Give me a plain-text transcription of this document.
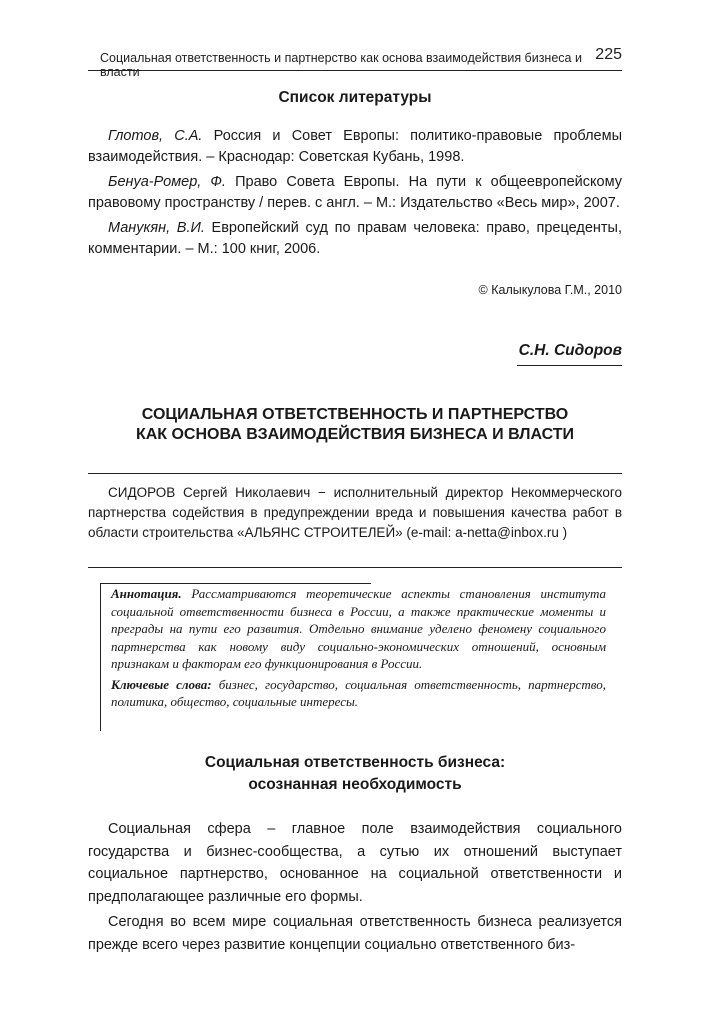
Социальная ответственность и партнерство как основа взаимодействия бизнеса и власти
225
Список литературы

Глотов, С.А. Россия и Совет Европы: политико-правовые проблемы взаимодействия. – Краснодар: Советская Кубань, 1998.

Бенуа-Ромер, Ф. Право Совета Европы. На пути к общеевропейскому правовому пространству / перев. с англ. – М.: Издательство «Весь мир», 2007.

Манукян, В.И. Европейский суд по правам человека: право, прецеденты, комментарии. – М.: 100 книг, 2006.

© Калыкулова Г.М., 2010
С.Н. Сидоров
СОЦИАЛЬНАЯ ОТВЕТСТВЕННОСТЬ И ПАРТНЕРСТВО
КАК ОСНОВА ВЗАИМОДЕЙСТВИЯ БИЗНЕСА И ВЛАСТИ
СИДОРОВ Сергей Николаевич − исполнительный директор Некоммерческого партнерства содействия в предупреждении вреда и повышения качества работ в области строительства «АЛЬЯНС СТРОИТЕЛЕЙ» (e-mail: a-netta@inbox.ru )

Аннотация. Рассматриваются теоретические аспекты становления института социальной ответственности бизнеса в России, а также практические моменты и преграды на пути его развития. Отдельно внимание уделено феномену социального партнерства как новому виду социально-экономических отношений, основным признакам и факторам его функционирования в России.

Ключевые слова: бизнес, государство, социальная ответственность, партнерство, политика, общество, социальные интересы.

Социальная ответственность бизнеса:
осознанная необходимость

Социальная сфера – главное поле взаимодействия социального государства и бизнес-сообщества, а сутью их отношений выступает социальное партнерство, основанное на социальной ответственности и предполагающее различные его формы.

Сегодня во всем мире социальная ответственность бизнеса реализуется прежде всего через развитие концепции социально ответственного биз-
